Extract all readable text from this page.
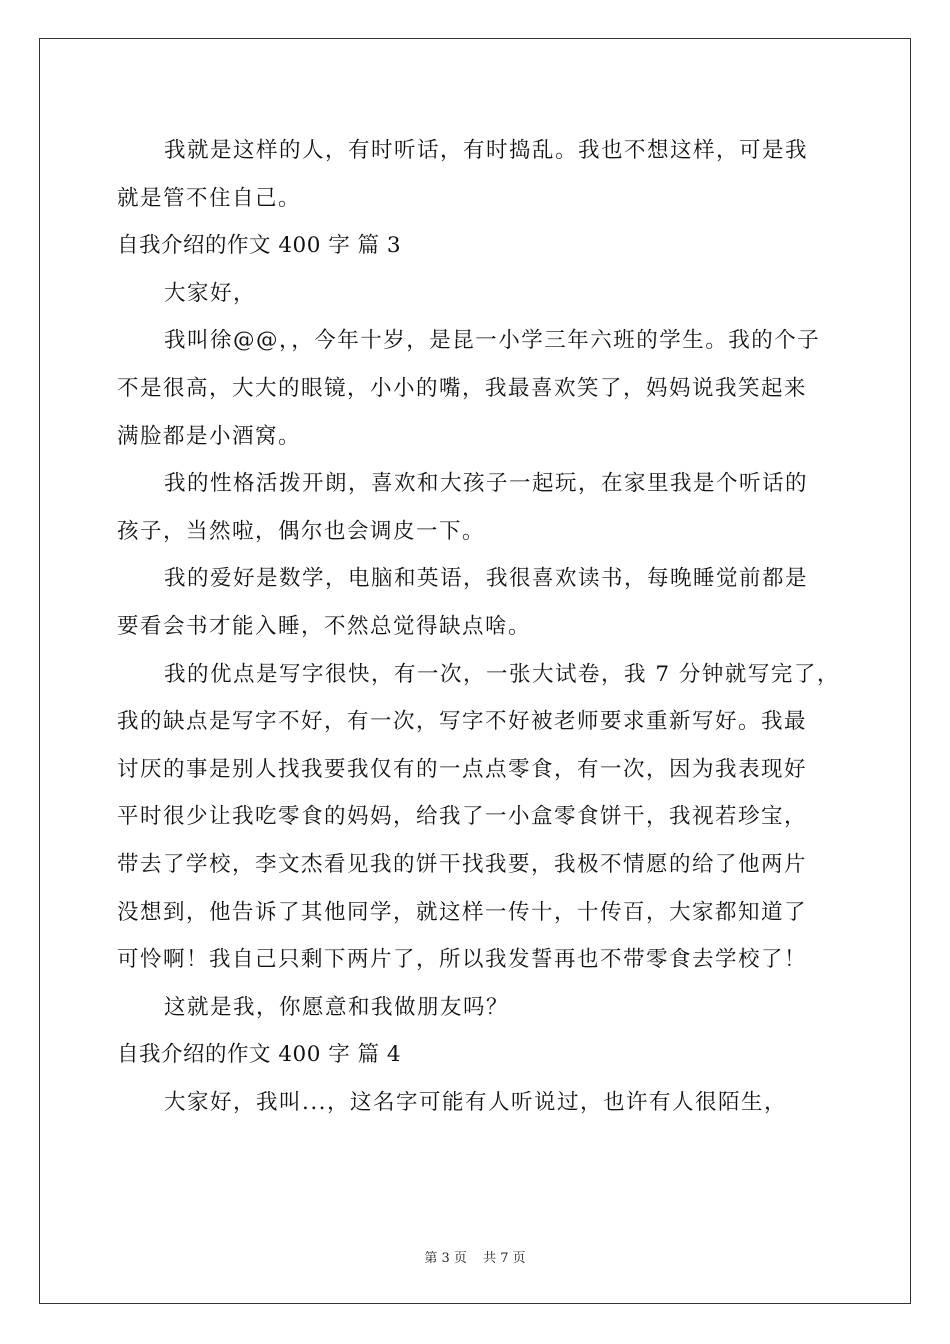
我就是这样的人，有时听话，有时捣乱。我也不想这样，可是我
就是管不住自己。
自我介绍的作文 400 字 篇 3
大家好，
我叫徐@@，，今年十岁，是昆一小学三年六班的学生。我的个子
不是很高，大大的眼镜，小小的嘴，我最喜欢笑了，妈妈说我笑起来
满脸都是小酒窝。
我的性格活拨开朗，喜欢和大孩子一起玩，在家里我是个听话的
孩子，当然啦，偶尔也会调皮一下。
我的爱好是数学，电脑和英语，我很喜欢读书，每晚睡觉前都是
要看会书才能入睡，不然总觉得缺点啥。
我的优点是写字很快，有一次，一张大试卷，我 7 分钟就写完了，
我的缺点是写字不好，有一次，写字不好被老师要求重新写好。我最
讨厌的事是别人找我要我仅有的一点点零食，有一次，因为我表现好
平时很少让我吃零食的妈妈，给我了一小盒零食饼干，我视若珍宝，
带去了学校，李文杰看见我的饼干找我要，我极不情愿的给了他两片
没想到，他告诉了其他同学，就这样一传十，十传百，大家都知道了
可怜啊！我自己只剩下两片了，所以我发誓再也不带零食去学校了！
这就是我，你愿意和我做朋友吗？
自我介绍的作文 400 字 篇 4
大家好，我叫...，这名字可能有人听说过，也许有人很陌生，
第 3 页 共 7 页
